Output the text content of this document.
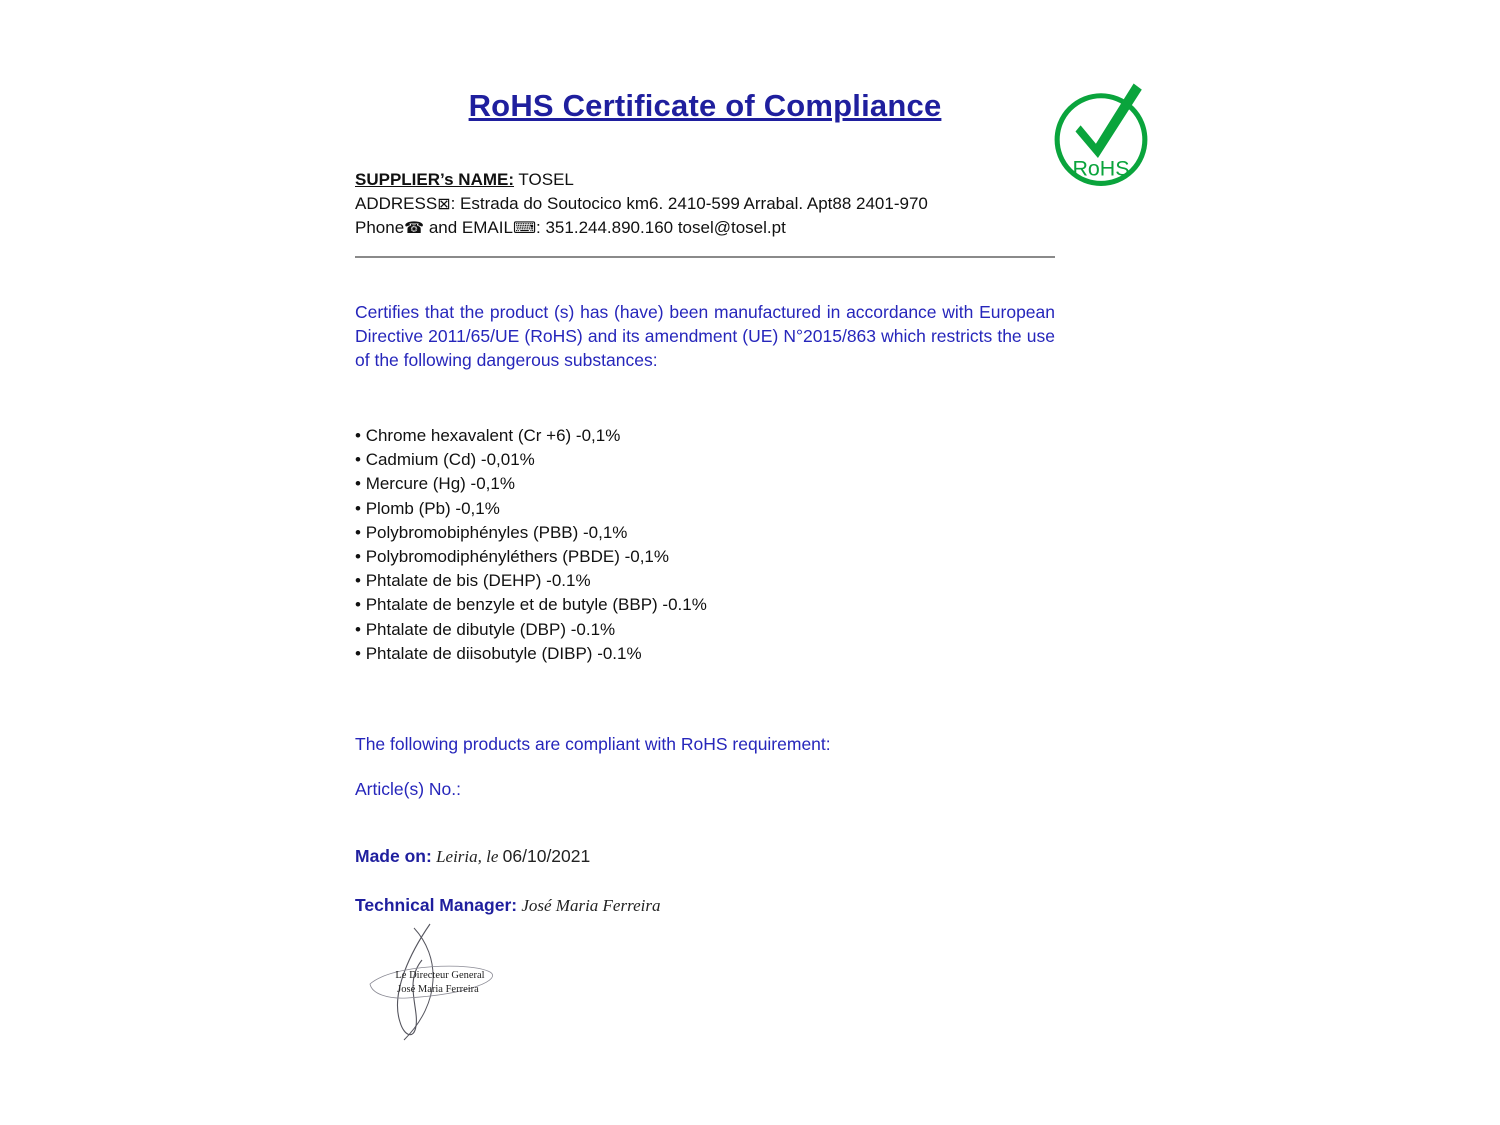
RoHS Certificate of Compliance
SUPPLIER’s NAME: TOSEL
ADDRESS⊠: Estrada do Soutocico km6. 2410-599 Arrabal. Apt88 2401-970
Phone☎ and EMAIL⌨: 351.244.890.160 tosel@tosel.pt

Certifies that the product (s) has (have) been manufactured in accordance with European Directive 2011/65/UE (RoHS) and its amendment (UE) N°2015/863 which restricts the use of the following dangerous substances:

• Chrome hexavalent (Cr +6) -0,1%
• Cadmium (Cd) -0,01%
• Mercure (Hg) -0,1%
• Plomb (Pb) -0,1%
• Polybromobiphényles (PBB) -0,1%
• Polybromodiphényléthers (PBDE) -0,1%
• Phtalate de bis (DEHP) -0.1%
• Phtalate de benzyle et de butyle (BBP) -0.1%
• Phtalate de dibutyle (DBP) -0.1%
• Phtalate de diisobutyle (DIBP) -0.1%
The following products are compliant with RoHS requirement:
Article(s) No.:
Made on: Leiria, le 06/10/2021
Technical Manager: José Maria Ferreira
RoHS
Le Directeur General
José Maria Ferreira
